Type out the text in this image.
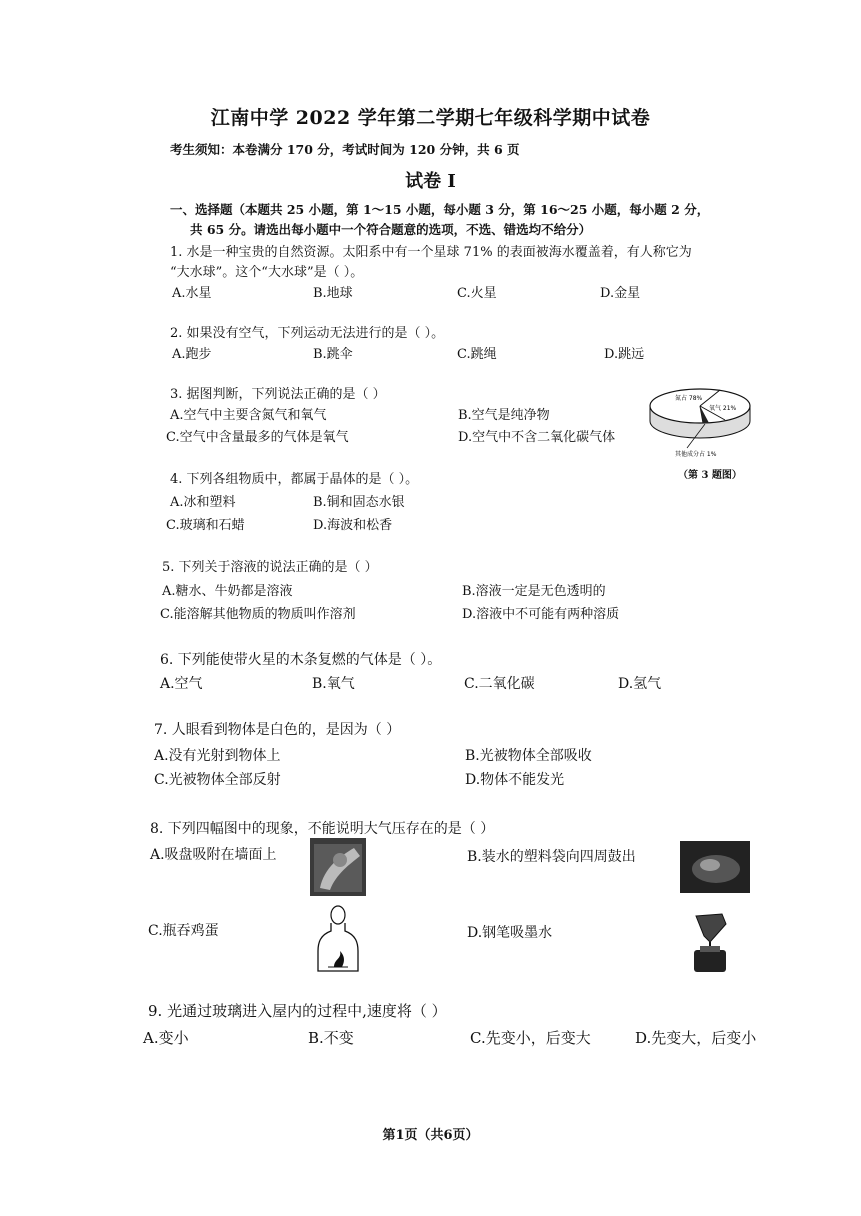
江南中学 2022 学年第二学期七年级科学期中试卷
考生须知：本卷满分 170 分，考试时间为 120 分钟，共 6 页
试卷 I
一、选择题（本题共 25 小题，第 1～15 小题，每小题 3 分，第 16～25 小题，每小题 2 分，
共 65 分。请选出每小题中一个符合题意的选项，不选、错选均不给分）
1. 水是一种宝贵的自然资源。太阳系中有一个星球 71% 的表面被海水覆盖着，有人称它为
“大水球”。这个“大水球”是（ ）。
A.水星	B.地球	C.火星	D.金星
2. 如果没有空气，下列运动无法进行的是（ ）。
A.跑步	B.跳伞	C.跳绳	D.跳远
3. 据图判断，下列说法正确的是（ ）
A.空气中主要含氮气和氧气	B.空气是纯净物
C.空气中含量最多的气体是氧气	D.空气中不含二氧化碳气体
氮占 78%
氧气 21%
其他成分占 1%
（第 3 题图）
4. 下列各组物质中，都属于晶体的是（ ）。
A.冰和塑料	B.铜和固态水银
C.玻璃和石蜡	D.海波和松香
5. 下列关于溶液的说法正确的是（ ）
A.糖水、牛奶都是溶液	B.溶液一定是无色透明的
C.能溶解其他物质的物质叫作溶剂	D.溶液中不可能有两种溶质
6. 下列能使带火星的木条复燃的气体是（ ）。
A.空气	B.氧气	C.二氧化碳	D.氢气
7. 人眼看到物体是白色的，是因为（ ）
A.没有光射到物体上	B.光被物体全部吸收
C.光被物体全部反射	D.物体不能发光
8. 下列四幅图中的现象，不能说明大气压存在的是（ ）
A.吸盘吸附在墙面上	B.装水的塑料袋向四周鼓出
C.瓶吞鸡蛋	D.钢笔吸墨水
9. 光通过玻璃进入屋内的过程中,速度将（ ）
A.变小	B.不变	C.先变小，后变大	D.先变大，后变小
第1页（共6页）
